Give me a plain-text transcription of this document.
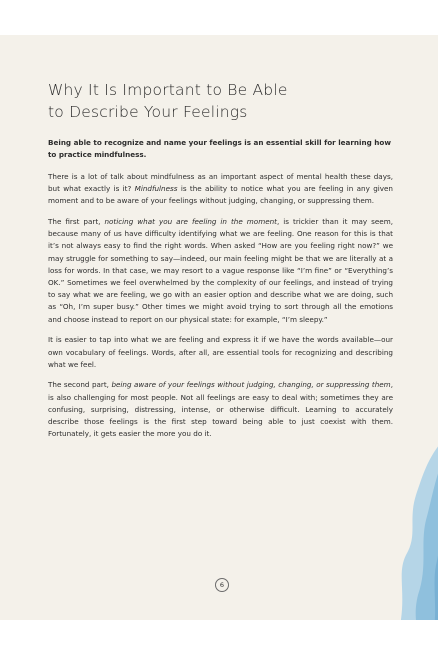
Why It Is Important to Be Able
to Describe Your Feelings

Being able to recognize and name your feelings is an essential skill for learning how to practice mindfulness.

There is a lot of talk about mindfulness as an important aspect of mental health these days, but what exactly is it? Mindfulness is the ability to notice what you are feeling in any given moment and to be aware of your feelings without judging, changing, or suppressing them.

The first part, noticing what you are feeling in the moment, is trickier than it may seem, because many of us have difficulty identifying what we are feeling. One reason for this is that it’s not always easy to find the right words. When asked “How are you feeling right now?” we may struggle for something to say—indeed, our main feeling might be that we are literally at a loss for words. In that case, we may resort to a vague response like “I’m fine” or “Everything’s OK.” Sometimes we feel overwhelmed by the complexity of our feelings, and instead of trying to say what we are feeling, we go with an easier option and describe what we are doing, such as “Oh, I’m super busy.” Other times we might avoid trying to sort through all the emotions and choose instead to report on our physical state: for example, “I’m sleepy.”

It is easier to tap into what we are feeling and express it if we have the words available—our own vocabulary of feelings. Words, after all, are essential tools for recognizing and describing what we feel.

The second part, being aware of your feelings without judging, changing, or suppressing them, is also challenging for most people. Not all feelings are easy to deal with; sometimes they are confusing, surprising, distressing, intense, or otherwise difficult. Learning to accurately describe those feelings is the first step toward being able to just coexist with them. Fortunately, it gets easier the more you do it.

6
